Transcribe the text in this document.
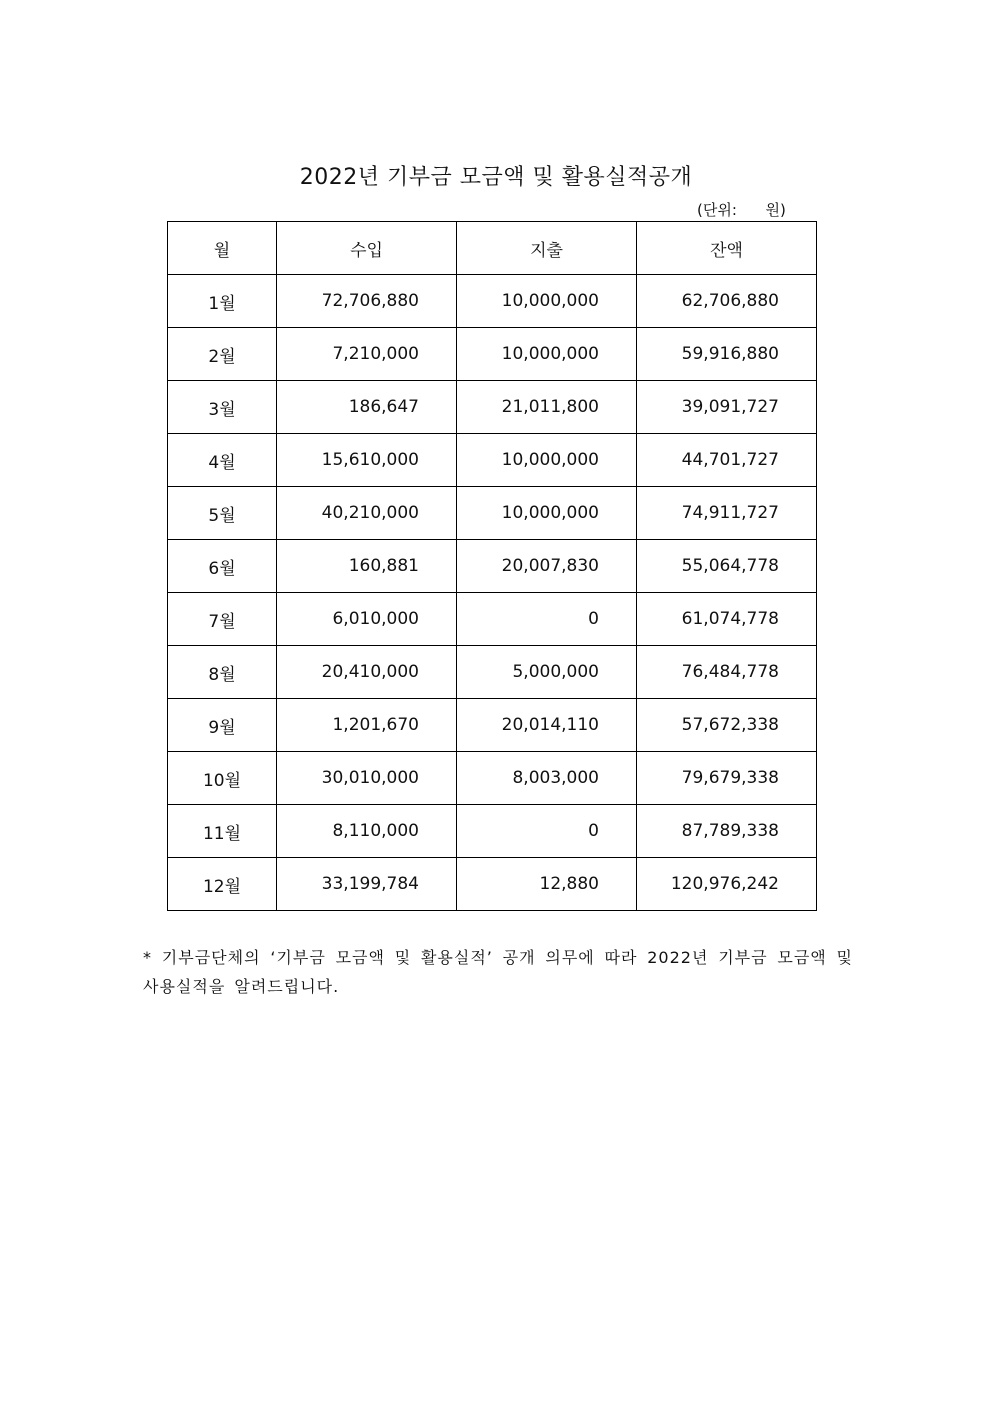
2022년 기부금 모금액 및 활용실적공개
(단위:      원)
월	수입	지출	잔액
1월	72,706,880	10,000,000	62,706,880
2월	7,210,000	10,000,000	59,916,880
3월	186,647	21,011,800	39,091,727
4월	15,610,000	10,000,000	44,701,727
5월	40,210,000	10,000,000	74,911,727
6월	160,881	20,007,830	55,064,778
7월	6,010,000	0	61,074,778
8월	20,410,000	5,000,000	76,484,778
9월	1,201,670	20,014,110	57,672,338
10월	30,010,000	8,003,000	79,679,338
11월	8,110,000	0	87,789,338
12월	33,199,784	12,880	120,976,242
* 기부금단체의 ‘기부금 모금액 및 활용실적’ 공개 의무에 따라 2022년 기부금 모금액 및 사용실적을 알려드립니다.
